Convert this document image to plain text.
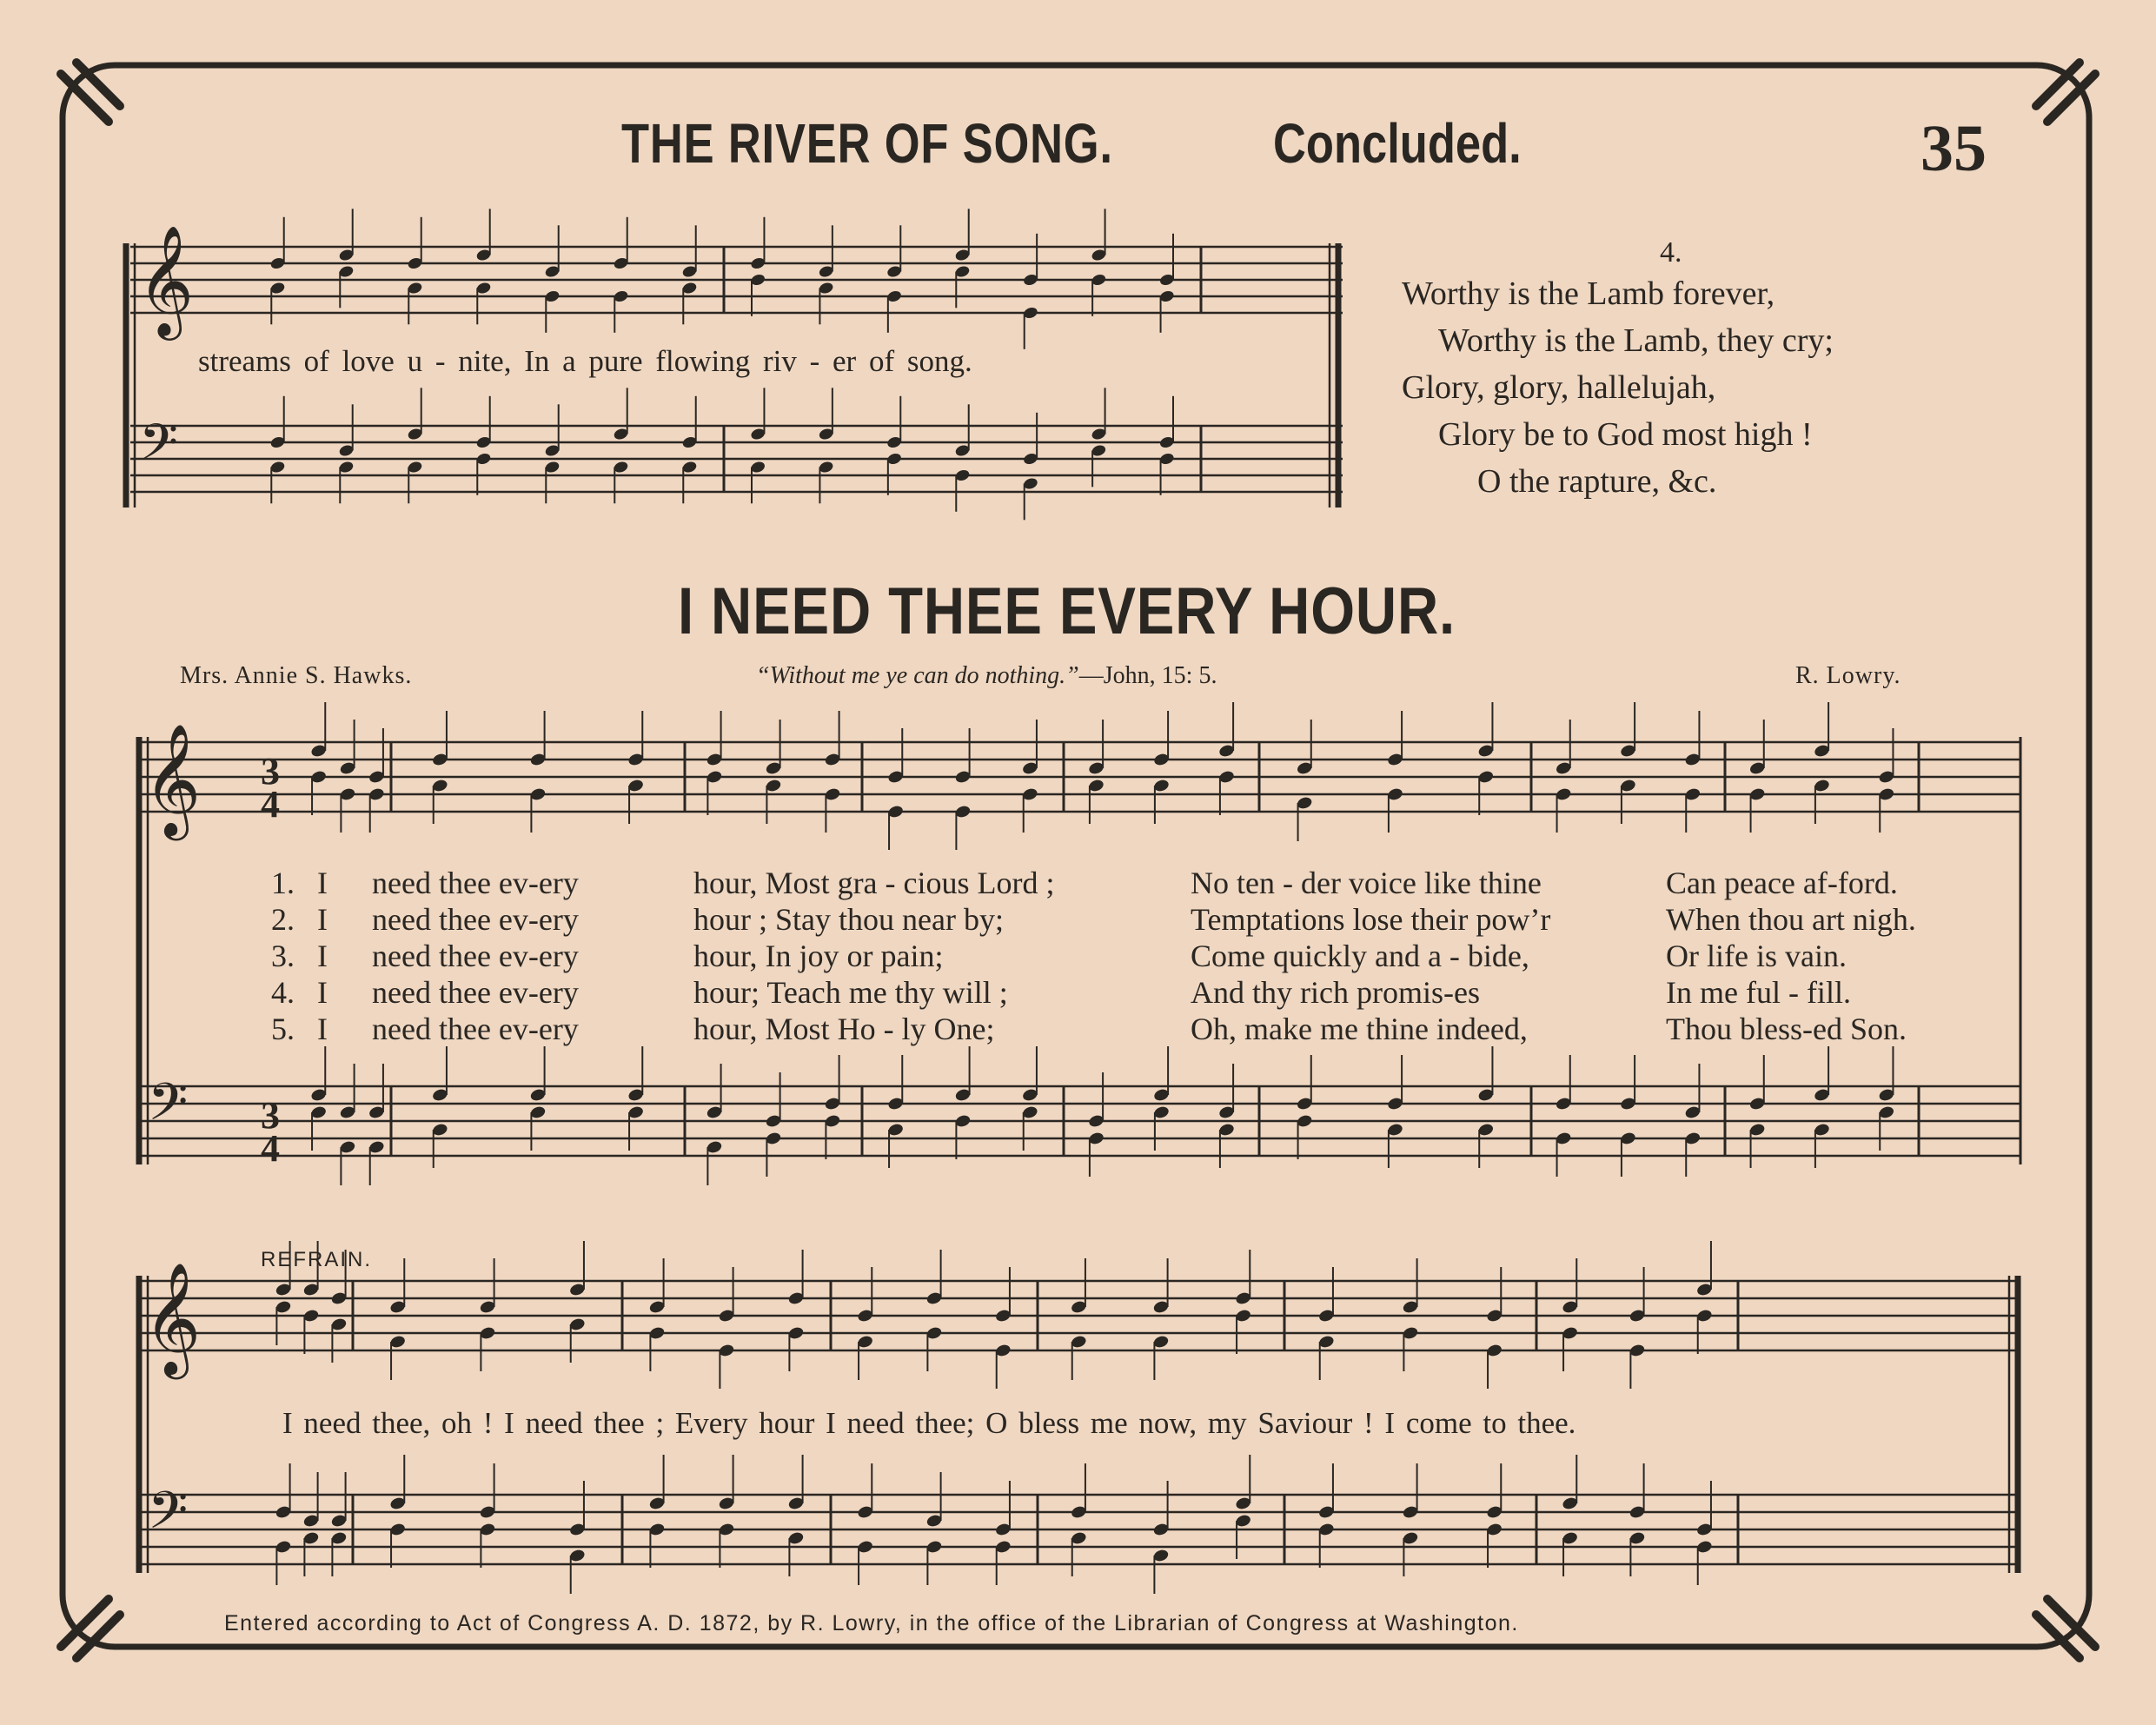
THE RIVER OF SONG.	Concluded.	35
𝄞
𝄢
𝄞
𝄢
𝄞
𝄢
streams of love u - nite, In a pure flowing riv - er of song.
4.
Worthy is the Lamb forever,
Worthy is the Lamb, they cry;
Glory, glory, hallelujah,
Glory be to God most high !
O the rapture, &c.
I NEED THEE EVERY HOUR.
Mrs. Annie S. Hawks.	“Without me ye can do nothing.”—John, 15: 5.	R. Lowry.
1. I need thee ev-ery	hour, Most gra - cious Lord ;	No ten - der voice like thine	Can peace af-ford.
2. I need thee ev-ery	hour ; Stay thou near by;	Temptations lose their pow’r	When thou art nigh.
3. I need thee ev-ery	hour, In joy or pain;	Come quickly and a - bide,	Or life is vain.
4. I need thee ev-ery	hour; Teach me thy will ;	And thy rich promis-es	In me ful - fill.
5. I need thee ev-ery	hour, Most Ho - ly One;	Oh, make me thine indeed,	Thou bless-ed Son.
REFRAIN.
I need thee, oh ! I need thee ; Every hour I need thee; O bless me now, my Saviour ! I come to thee.
Entered according to Act of Congress A. D. 1872, by R. Lowry, in the office of the Librarian of Congress at Washington.
3
4
3
4
